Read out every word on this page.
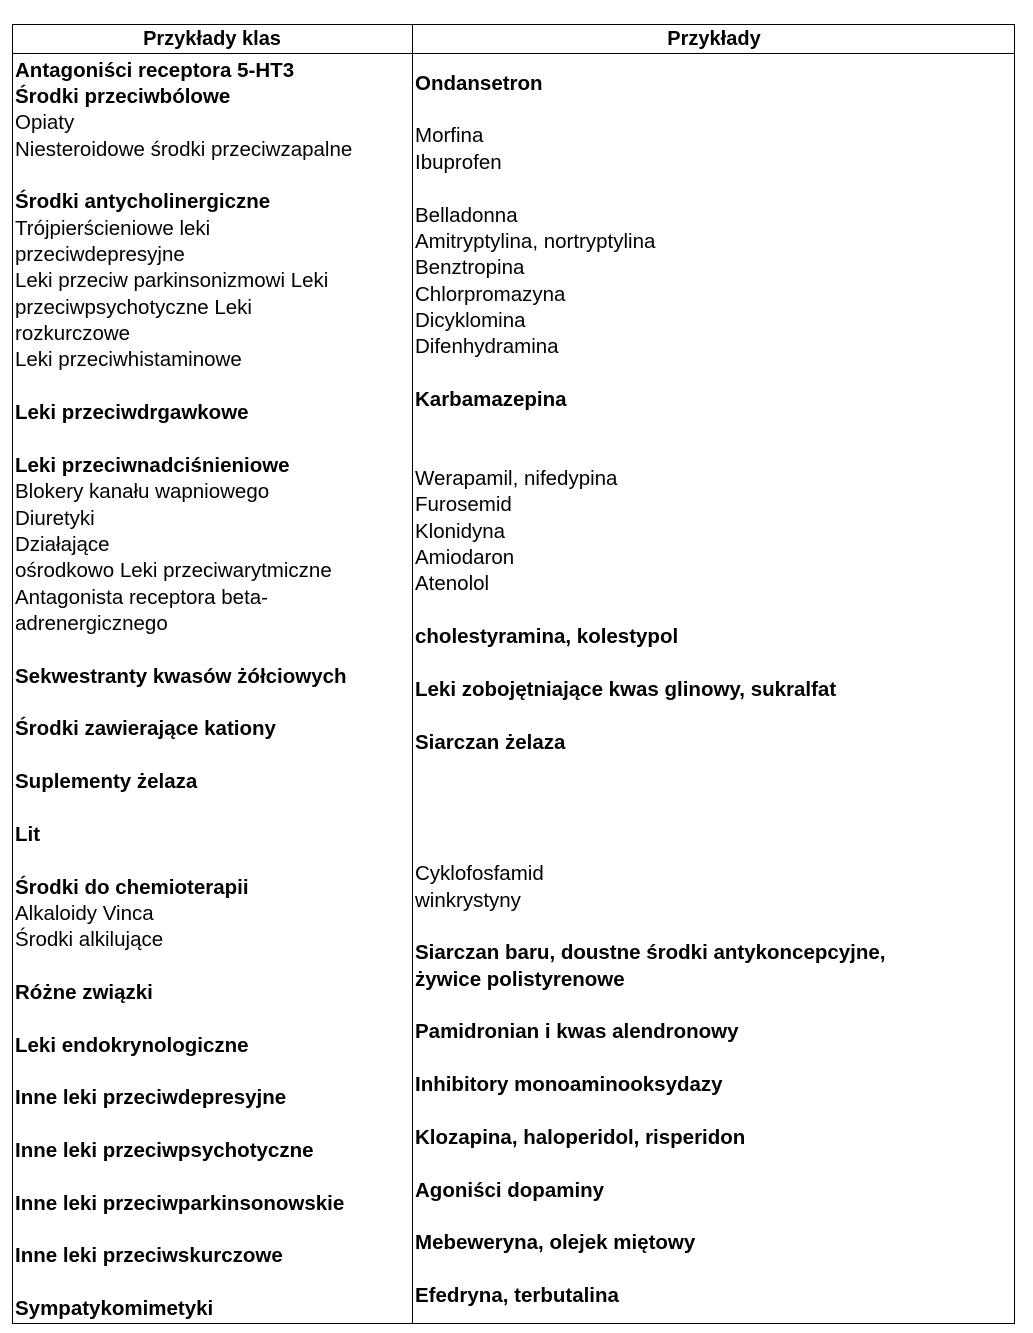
Przykłady klas	Przykłady
Antagoniści receptora 5-HT3
Środki przeciwbólowe
Opiaty
Niesteroidowe środki przeciwzapalne
Środki antycholinergiczne
Trójpierścieniowe leki
przeciwdepresyjne
Leki przeciw parkinsonizmowi Leki
przeciwpsychotyczne Leki
rozkurczowe
Leki przeciwhistaminowe
Leki przeciwdrgawkowe
Leki przeciwnadciśnieniowe
Blokery kanału wapniowego
Diuretyki
Działające
ośrodkowo Leki przeciwarytmiczne
Antagonista receptora beta-
adrenergicznego
Sekwestranty kwasów żółciowych
Środki zawierające kationy
Suplementy żelaza
Lit
Środki do chemioterapii
Alkaloidy Vinca
Środki alkilujące
Różne związki
Leki endokrynologiczne
Inne leki przeciwdepresyjne
Inne leki przeciwpsychotyczne
Inne leki przeciwparkinsonowskie
Inne leki przeciwskurczowe
Sympatykomimetyki
Ondansetron
Morfina
Ibuprofen
Belladonna
Amitryptylina, nortryptylina
Benztropina
Chlorpromazyna
Dicyklomina
Difenhydramina
Karbamazepina
Werapamil, nifedypina
Furosemid
Klonidyna
Amiodaron
Atenolol
cholestyramina, kolestypol
Leki zobojętniające kwas glinowy, sukralfat
Siarczan żelaza
Cyklofosfamid
winkrystyny
Siarczan baru, doustne środki antykoncepcyjne,
żywice polistyrenowe
Pamidronian i kwas alendronowy
Inhibitory monoaminooksydazy
Klozapina, haloperidol, risperidon
Agoniści dopaminy
Mebeweryna, olejek miętowy
Efedryna, terbutalina
